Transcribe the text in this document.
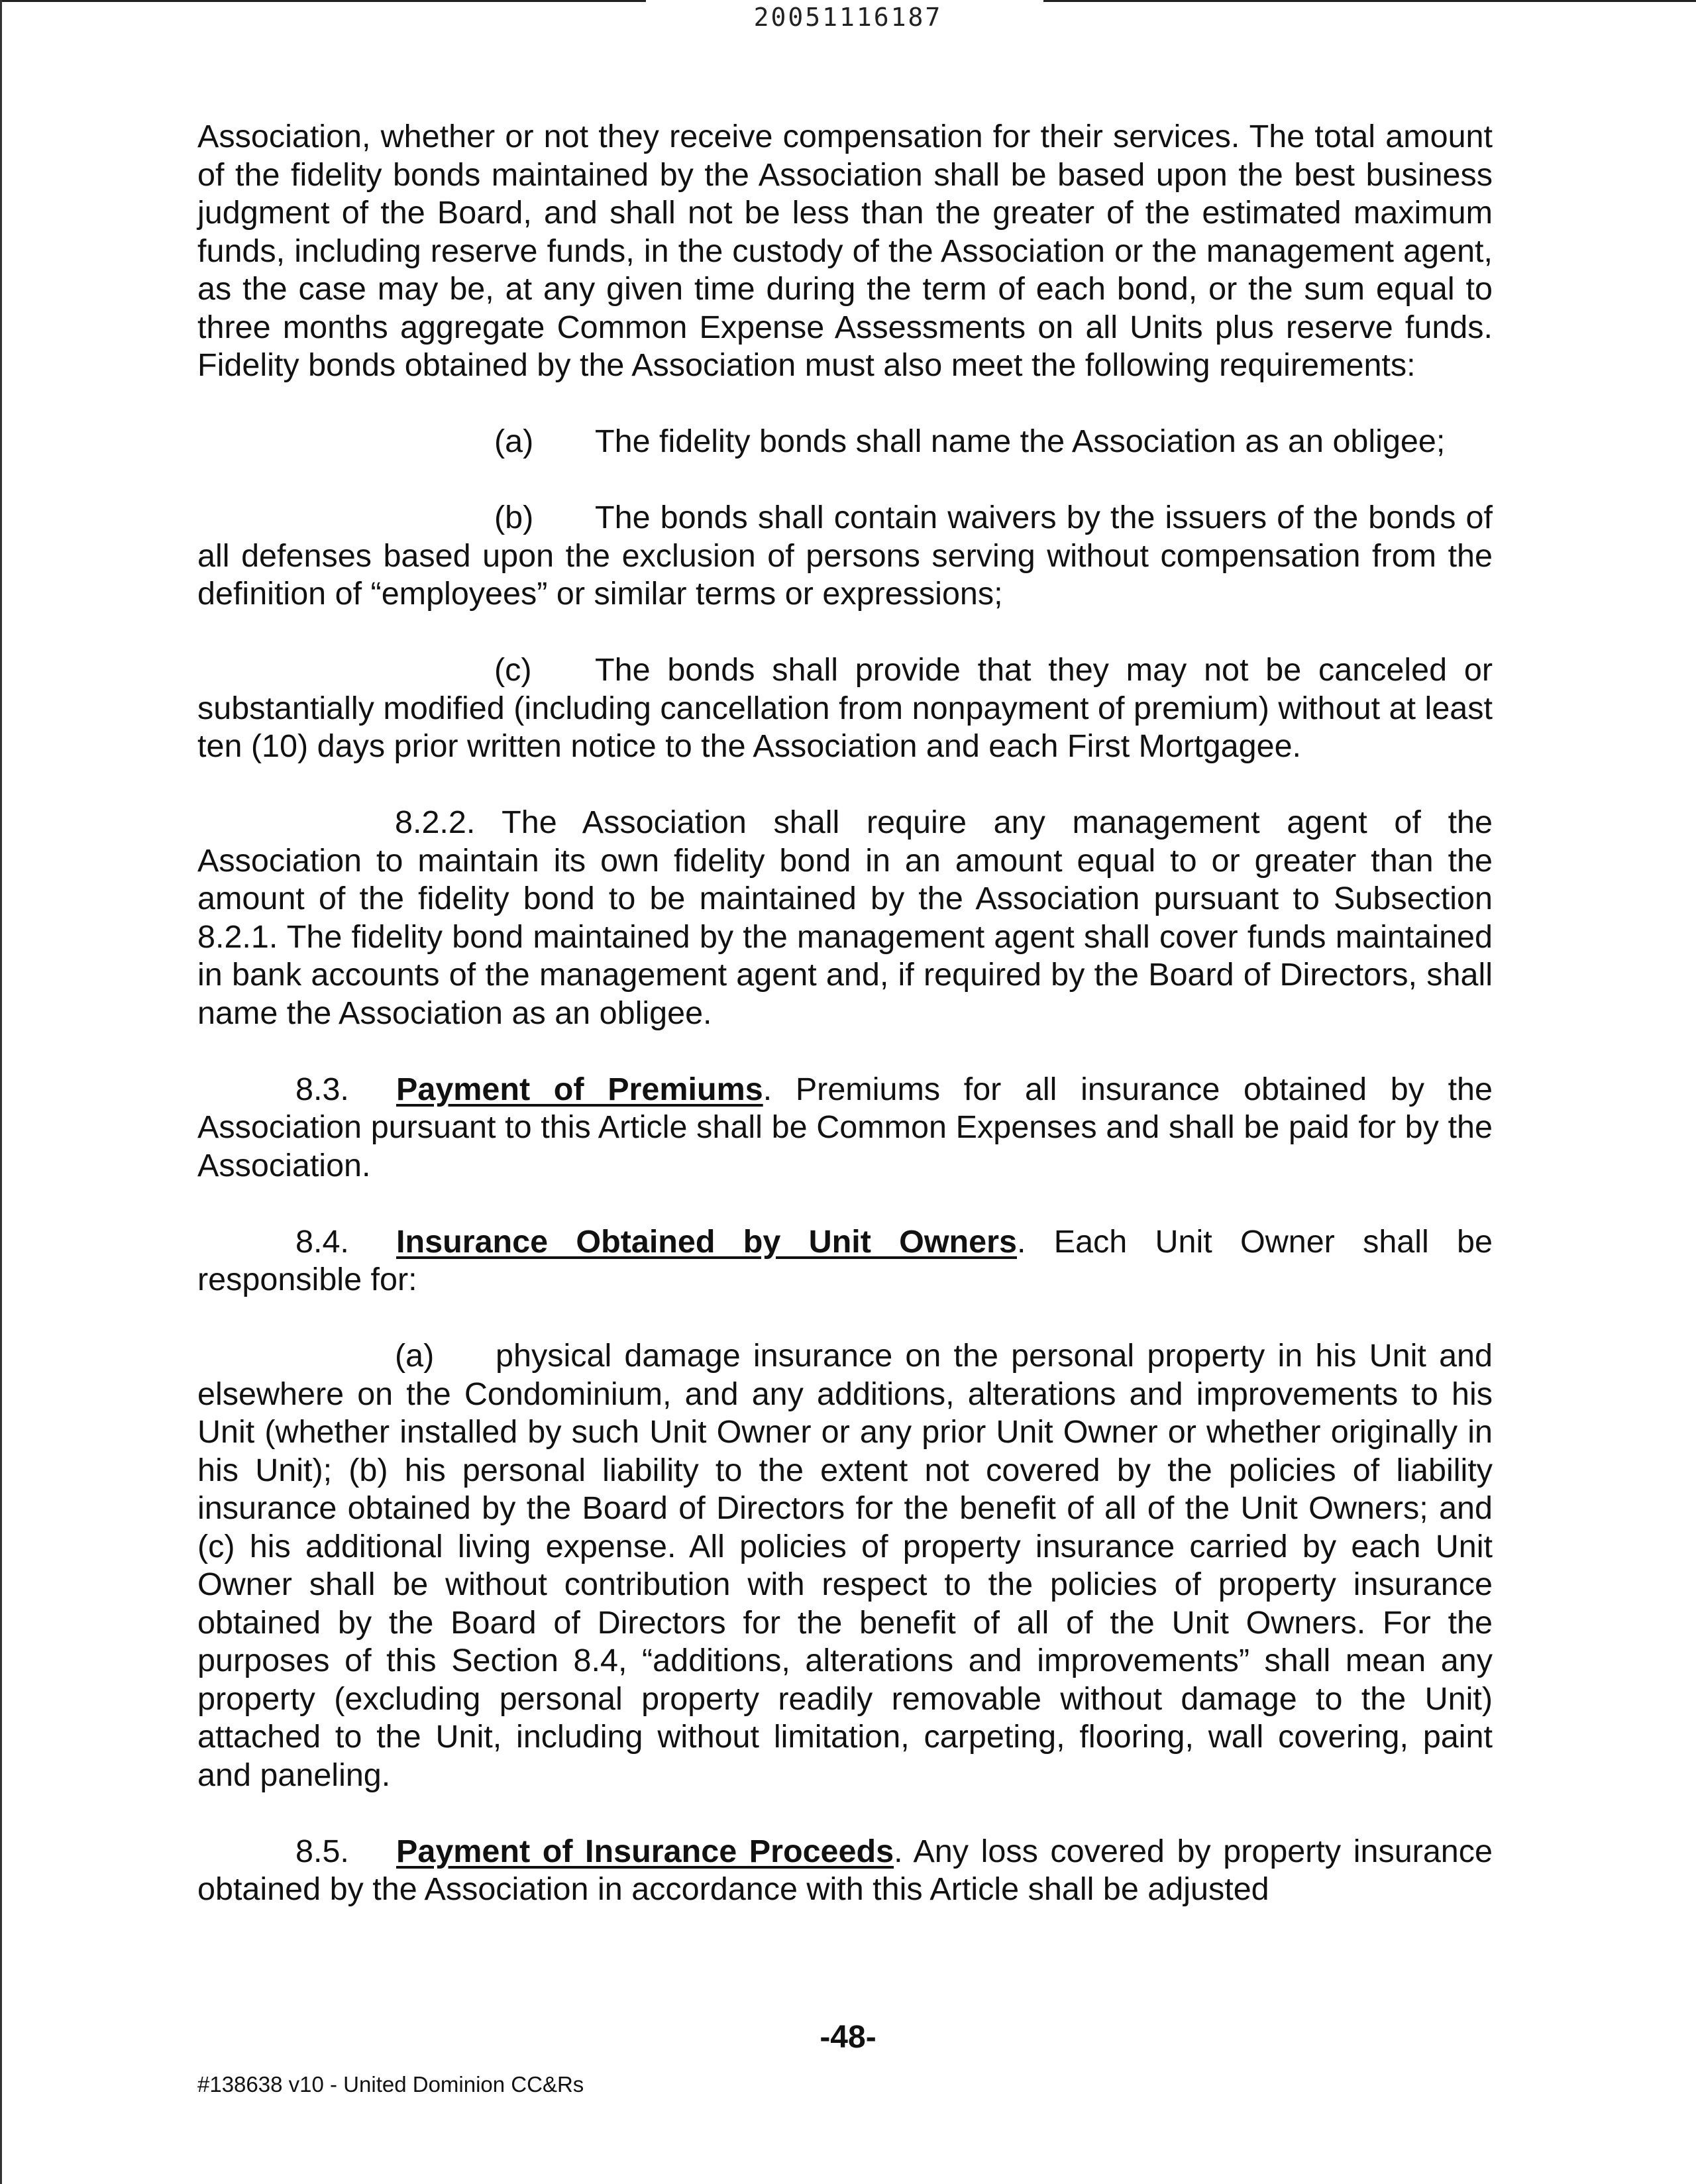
20051116187

Association, whether or not they receive compensation for their services. The total amount of the fidelity bonds maintained by the Association shall be based upon the best business judgment of the Board, and shall not be less than the greater of the estimated maximum funds, including reserve funds, in the custody of the Association or the management agent, as the case may be, at any given time during the term of each bond, or the sum equal to three months aggregate Common Expense Assessments on all Units plus reserve funds. Fidelity bonds obtained by the Association must also meet the following requirements:

(a) The fidelity bonds shall name the Association as an obligee;

(b) The bonds shall contain waivers by the issuers of the bonds of all defenses based upon the exclusion of persons serving without compensation from the definition of “employees” or similar terms or expressions;

(c) The bonds shall provide that they may not be canceled or substantially modified (including cancellation from nonpayment of premium) without at least ten (10) days prior written notice to the Association and each First Mortgagee.

8.2.2. The Association shall require any management agent of the Association to maintain its own fidelity bond in an amount equal to or greater than the amount of the fidelity bond to be maintained by the Association pursuant to Subsection 8.2.1. The fidelity bond maintained by the management agent shall cover funds maintained in bank accounts of the management agent and, if required by the Board of Directors, shall name the Association as an obligee.

8.3. Payment of Premiums. Premiums for all insurance obtained by the Association pursuant to this Article shall be Common Expenses and shall be paid for by the Association.

8.4. Insurance Obtained by Unit Owners. Each Unit Owner shall be responsible for:

(a) physical damage insurance on the personal property in his Unit and elsewhere on the Condominium, and any additions, alterations and improvements to his Unit (whether installed by such Unit Owner or any prior Unit Owner or whether originally in his Unit); (b) his personal liability to the extent not covered by the policies of liability insurance obtained by the Board of Directors for the benefit of all of the Unit Owners; and (c) his additional living expense. All policies of property insurance carried by each Unit Owner shall be without contribution with respect to the policies of property insurance obtained by the Board of Directors for the benefit of all of the Unit Owners. For the purposes of this Section 8.4, “additions, alterations and improvements” shall mean any property (excluding personal property readily removable without damage to the Unit) attached to the Unit, including without limitation, carpeting, flooring, wall covering, paint and paneling.

8.5. Payment of Insurance Proceeds. Any loss covered by property insurance obtained by the Association in accordance with this Article shall be adjusted

-48-
#138638 v10 - United Dominion CC&Rs
